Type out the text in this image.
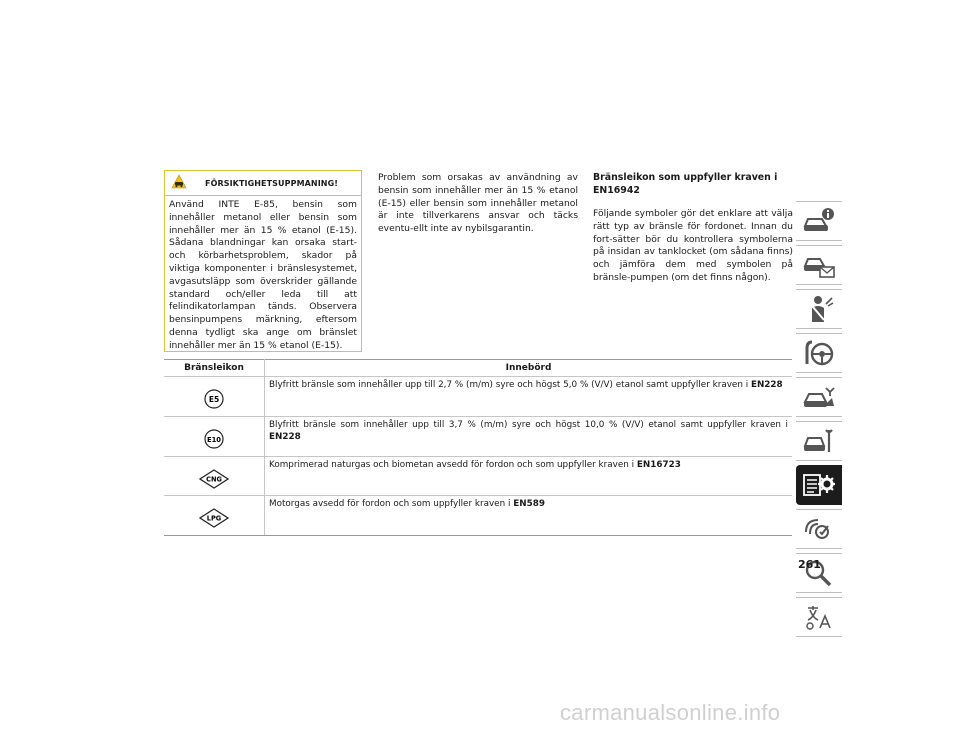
FÖRSIKTIGHETSUPPMANING!
Använd INTE E-85, bensin som innehåller metanol eller bensin som innehåller mer än 15 % etanol (E-15). Sådana blandningar kan orsaka start- och körbarhetsproblem, skador på viktiga komponenter i bränslesystemet, avgasutsläpp som överskrider gällande standard och/eller leda till att felindikatorlampan tänds. Observera bensinpumpens märkning, eftersom denna tydligt ska ange om bränslet innehåller mer än 15 % etanol (E-15).
Problem som orsakas av användning av bensin som innehåller mer än 15 % etanol (E-15) eller bensin som innehåller metanol är inte tillverkarens ansvar och täcks eventu-ellt inte av nybilsgarantin.
Bränsleikon som uppfyller kraven i
EN16942
Följande symboler gör det enklare att välja rätt typ av bränsle för fordonet. Innan du fort-sätter bör du kontrollera symbolerna på insidan av tanklocket (om sådana finns) och jämföra dem med symbolen på bränsle-pumpen (om det finns någon).
Bränsleikon	Innebörd

E5	Blyfritt bränsle som innehåller upp till 2,7 % (m/m) syre och högst 5,0 % (V/V) etanol samt uppfyller kraven i EN228

E10	Blyfritt bränsle som innehåller upp till 3,7 % (m/m) syre och högst 10,0 % (V/V) etanol samt uppfyller kraven i EN228

CNG	Komprimerad naturgas och biometan avsedd för fordon och som uppfyller kraven i EN16723

LPG	Motorgas avsedd för fordon och som uppfyller kraven i EN589
261
carmanualsonline.info
